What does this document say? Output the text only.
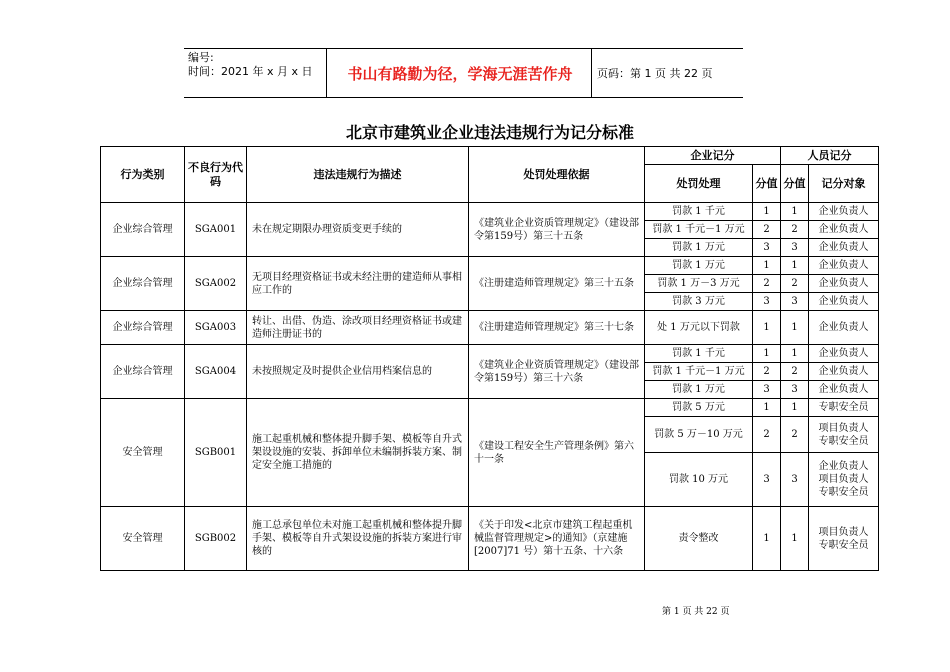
编号:
时间：2021 年 x 月 x 日	书山有路勤为径，学海无涯苦作舟	页码：第 1 页 共 22 页
北京市建筑业企业违法违规行为记分标准
行为类别	不良行为代码	违法违规行为描述	处罚处理依据	企业记分		人员记分	
				处罚处理	分值	分值	记分对象
企业综合管理	SGA001	未在规定期限办理资质变更手续的	《建筑业企业资质管理规定》（建设部令第159号）第三十五条	罚款 1 千元	1	1	企业负责人
				罚款 1 千元－1 万元	2	2	企业负责人
				罚款 1 万元	3	3	企业负责人
企业综合管理	SGA002	无项目经理资格证书或未经注册的建造师从事相应工作的	《注册建造师管理规定》第三十五条	罚款 1 万元	1	1	企业负责人
				罚款 1 万－3 万元	2	2	企业负责人
				罚款 3 万元	3	3	企业负责人
企业综合管理	SGA003	转让、出借、伪造、涂改项目经理资格证书或建造师注册证书的	《注册建造师管理规定》第三十七条	处 1 万元以下罚款	1	1	企业负责人
企业综合管理	SGA004	未按照规定及时提供企业信用档案信息的	《建筑业企业资质管理规定》（建设部令第159号）第三十六条	罚款 1 千元	1	1	企业负责人
				罚款 1 千元－1 万元	2	2	企业负责人
				罚款 1 万元	3	3	企业负责人
安全管理	SGB001	施工起重机械和整体提升脚手架、模板等自升式架设设施的安装、拆卸单位未编制拆装方案、制定安全施工措施的	《建设工程安全生产管理条例》第六十一条	罚款 5 万元	1	1	专职安全员
				罚款 5 万－10 万元	2	2	项目负责人
专职安全员
				罚款 10 万元	3	3	企业负责人
项目负责人
专职安全员
安全管理	SGB002	施工总承包单位未对施工起重机械和整体提升脚手架、模板等自升式架设设施的拆装方案进行审核的	《关于印发<北京市建筑工程起重机械监督管理规定>的通知》（京建施[2007]71 号）第十五条、十六条	责令整改	1	1	项目负责人
专职安全员
第 1 页 共 22 页
